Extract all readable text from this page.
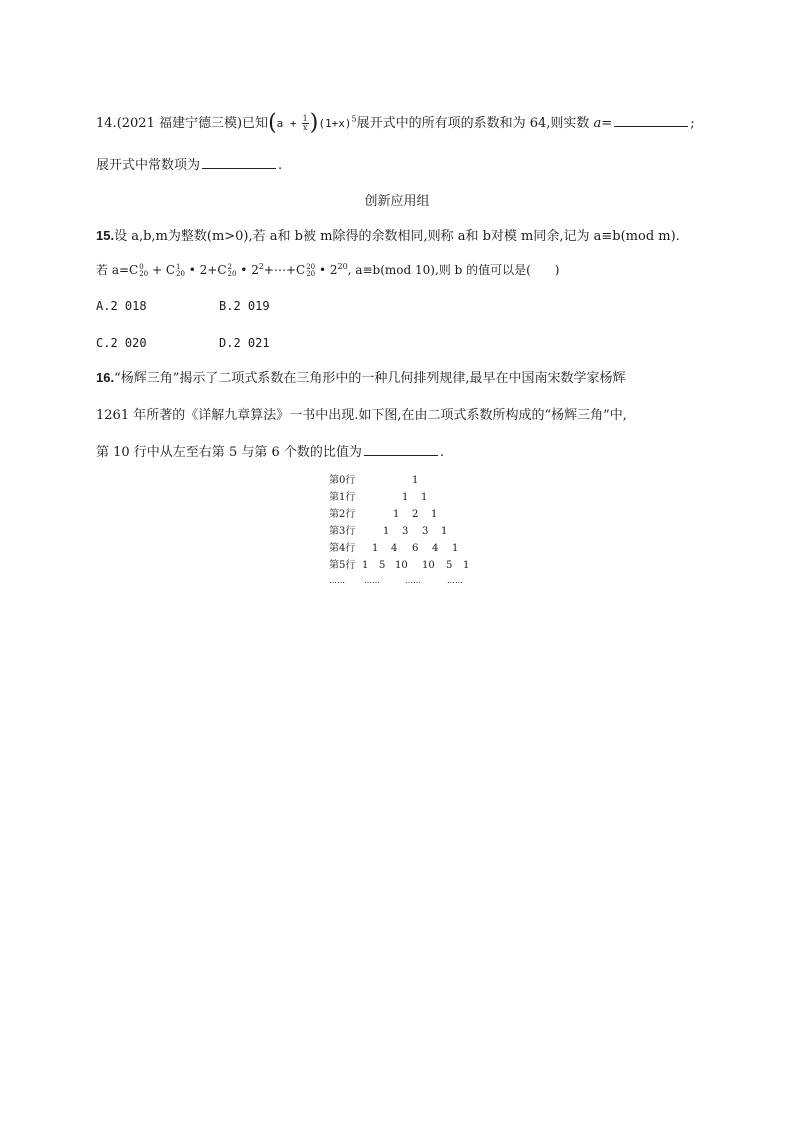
14.(2021 福建宁德三模)已知$(a + \frac{1}{x} )(1+x)^5$展开式中的所有项的系数和为 64,则实数 a=	;
展开式中常数项为	.
创新应用组
15.设 a,b,m为整数(m>0),若 a和 b被 m除得的余数相同,则称 a和 b对模 m同余,记为 a≡b(mod m).
若 a=C 0
20 + C 1
20 • 2+C 2
20 • $2^2+\cdots+C$ 20
20 • $2^{20}$, a≡b(mod 10),则 b 的值可以是(　　)
A.2 018	B.2 019
C.2 020	D.2 021
16.“杨辉三角”揭示了二项式系数在三角形中的一种几何排列规律,最早在中国南宋数学家杨辉
1261 年所著的《详解九章算法》一书中出现.如下图,在由二项式系数所构成的“杨辉三角”中,
第 10 行中从左至右第 5 与第 6 个数的比值为	.
第0行	1
第1行	1 1
第2行	1 2 1
第3行	1 3 3 1
第4行 1 4 6 4 1
第5行 1 5 10 10 5 1
…… ……	……	……
